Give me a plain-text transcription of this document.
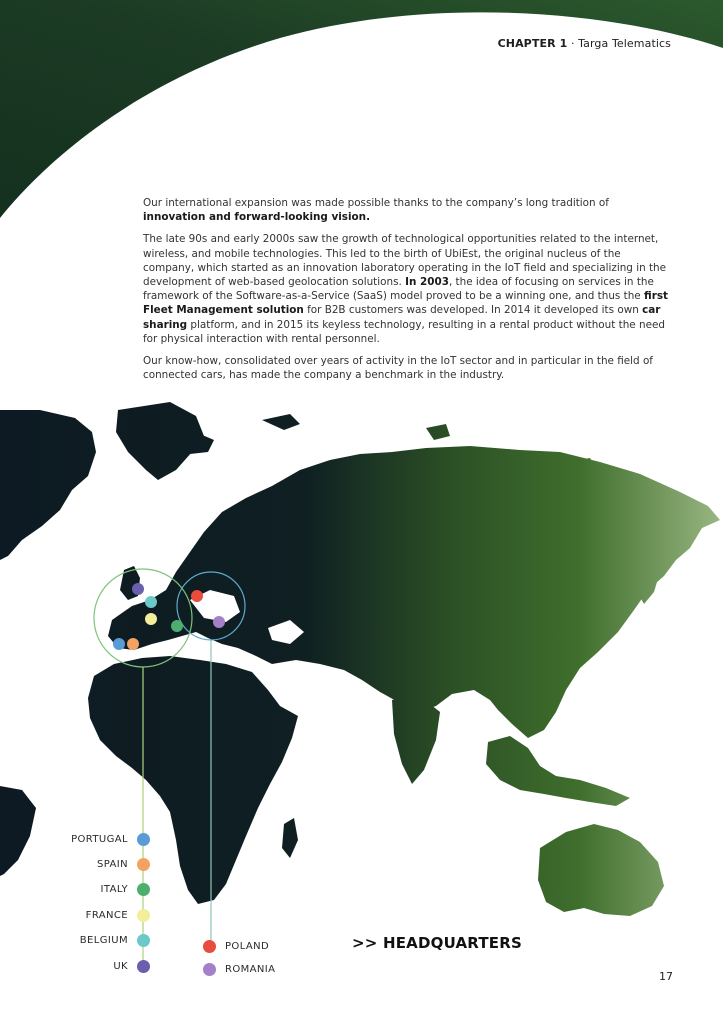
CHAPTER 1 · Targa Telematics

Our international expansion was made possible thanks to the company’s long tradition of innovation and forward-looking vision.

The late 90s and early 2000s saw the growth of technological opportunities related to the internet, wireless, and mobile technologies. This led to the birth of UbiEst, the original nucleus of the company, which started as an innovation laboratory operating in the IoT field and specializing in the development of web-based geolocation solutions. In 2003, the idea of focusing on services in the framework of the Software-as-a-Service (SaaS) model proved to be a winning one, and thus the first Fleet Management solution for B2B customers was developed. In 2014 it developed its own car sharing platform, and in 2015 its keyless technology, resulting in a rental product without the need for physical interaction with rental personnel.

Our know-how, consolidated over years of activity in the IoT sector and in particular in the field of connected cars, has made the company a benchmark in the industry.

PORTUGAL
SPAIN
ITALY
FRANCE
BELGIUM
UK
POLAND
ROMANIA
>> HEADQUARTERS
17
